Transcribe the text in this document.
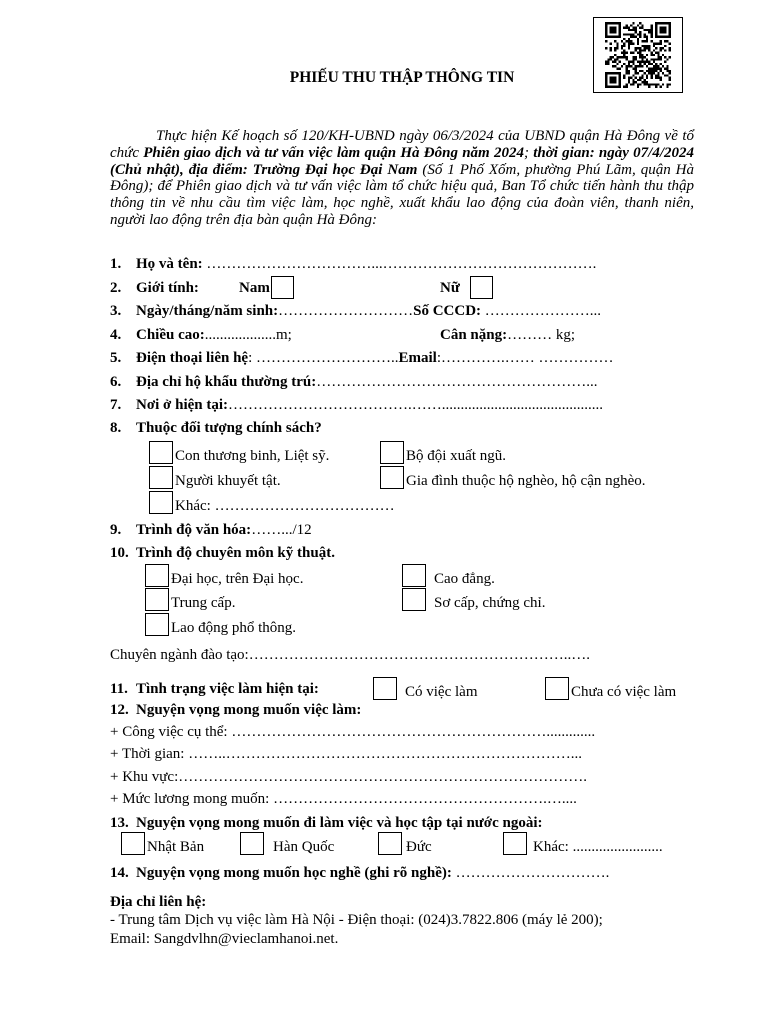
PHIẾU THU THẬP THÔNG TIN
Thực hiện Kế hoạch số 120/KH-UBND ngày 06/3/2024 của UBND quận Hà Đông về tổ chức Phiên giao dịch và tư vấn việc làm quận Hà Đông năm 2024; thời gian: ngày 07/4/2024 (Chủ nhật), địa điểm: Trường Đại học Đại Nam (Số 1 Phố Xốm, phường Phú Lãm, quận Hà Đông); để Phiên giao dịch và tư vấn việc làm tổ chức hiệu quả, Ban Tổ chức tiến hành thu thập thông tin về nhu cầu tìm việc làm, học nghề, xuất khẩu lao động của đoàn viên, thanh niên, người lao động trên địa bàn quận Hà Đông:
1. Họ và tên: ……………………………...…………………………………….
2. Giới tính:	Nam	Nữ
3. Ngày/tháng/năm sinh:………………………Số CCCD: …………………...
4. Chiều cao:...................m;	Cân nặng:……… kg;
5. Điện thoại liên hệ: ………………………..Email:………….…… ……………
6. Địa chỉ hộ khẩu thường trú:………………………………………………...
7. Nơi ở hiện tại:……………………………….……...........................................
8. Thuộc đối tượng chính sách?
Con thương binh, Liệt sỹ.	Bộ đội xuất ngũ.
Người khuyết tật.	Gia đình thuộc hộ nghèo, hộ cận nghèo.
Khác: ………………………………
9. Trình độ văn hóa:…….../12
10. Trình độ chuyên môn kỹ thuật.
Đại học, trên Đại học.	Cao đẳng.
Trung cấp.	Sơ cấp, chứng chỉ.
Lao động phổ thông.
Chuyên ngành đào tạo:………………………………………………………..….
11. Tình trạng việc làm hiện tại:	Có việc làm	Chưa có việc làm
12. Nguyện vọng mong muốn việc làm:
+ Công việc cụ thể: ……………………………………………………….............
+ Thời gian: ……..……………………………………………………………...
+ Khu vực:……………………………………………………………………….
+ Mức lương mong muốn: ……………………………………………….…....
13. Nguyện vọng mong muốn đi làm việc và học tập tại nước ngoài:
Nhật Bản	Hàn Quốc	Đức	Khác: ........................
14. Nguyện vọng mong muốn học nghề (ghi rõ nghề): ………………………….
Địa chỉ liên hệ:
- Trung tâm Dịch vụ việc làm Hà Nội - Điện thoại: (024)3.7822.806 (máy lẻ 200);
Email: Sangdvlhn@vieclamhanoi.net.
